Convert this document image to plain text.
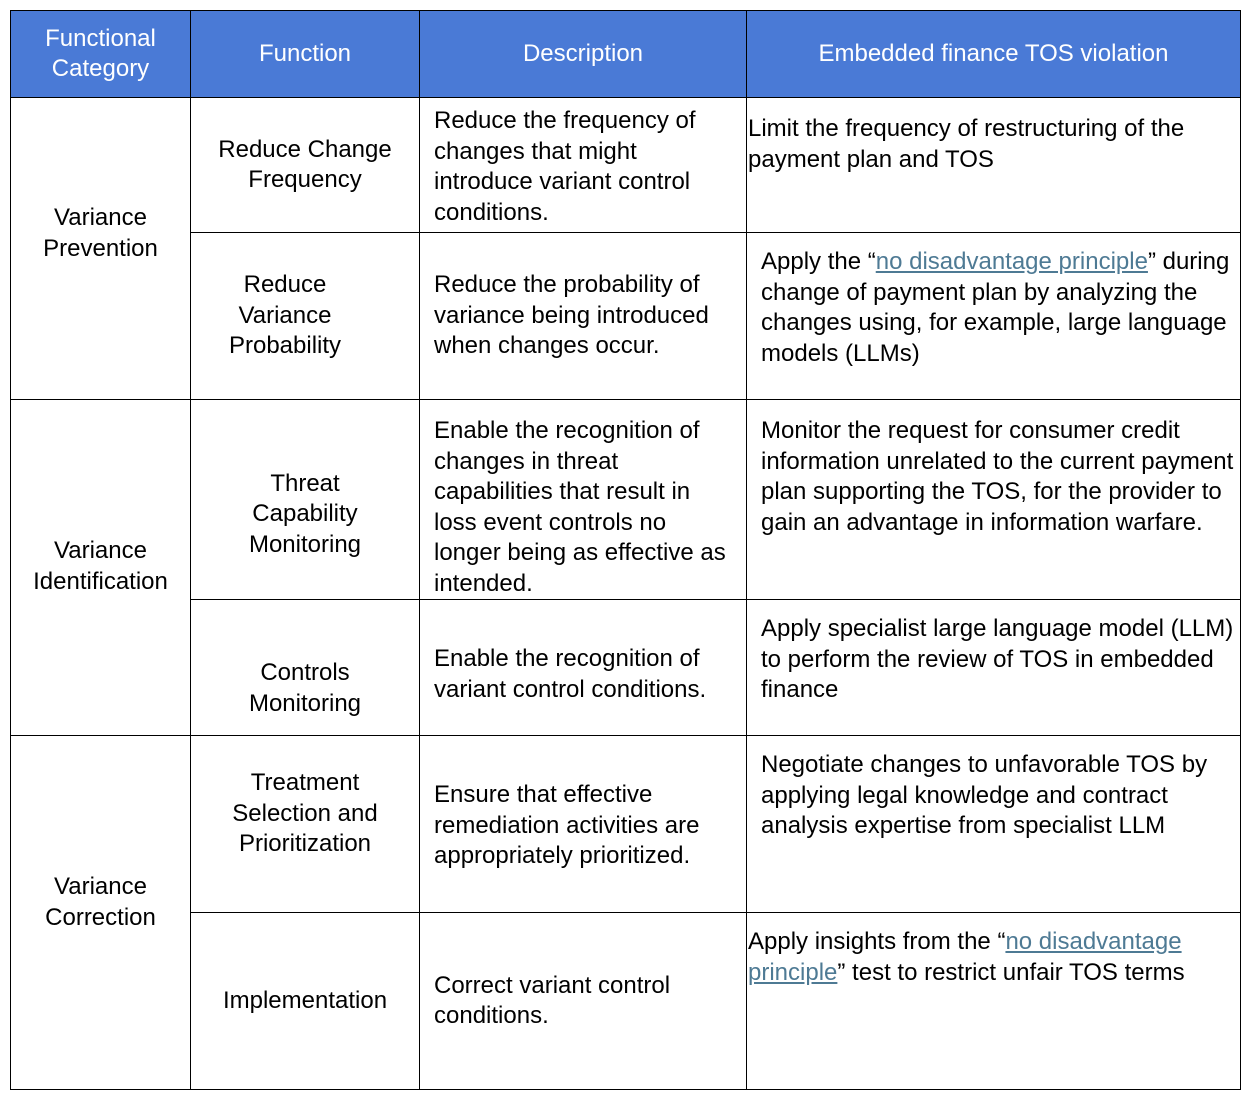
Functional Category	Function	Description	Embedded finance TOS violation

Variance Prevention	Reduce Change Frequency	Reduce the frequency of changes that might introduce variant control conditions.	Limit the frequency of restructuring of the payment plan and TOS

	Reduce Variance Probability	Reduce the probability of variance being introduced when changes occur.	Apply the “no disadvantage principle” during change of payment plan by analyzing the changes using, for example, large language models (LLMs)

Variance Identification	Threat Capability Monitoring	Enable the recognition of changes in threat capabilities that result in loss event controls no longer being as effective as intended.	Monitor the request for consumer credit information unrelated to the current payment plan supporting the TOS, for the provider to gain an advantage in information warfare.

	Controls Monitoring	Enable the recognition of variant control conditions.	Apply specialist large language model (LLM) to perform the review of TOS in embedded finance

Variance Correction	Treatment Selection and Prioritization	Ensure that effective remediation activities are appropriately prioritized.	Negotiate changes to unfavorable TOS by applying legal knowledge and contract analysis expertise from specialist LLM

	Implementation	Correct variant control conditions.	Apply insights from the “no disadvantage principle” test to restrict unfair TOS terms
